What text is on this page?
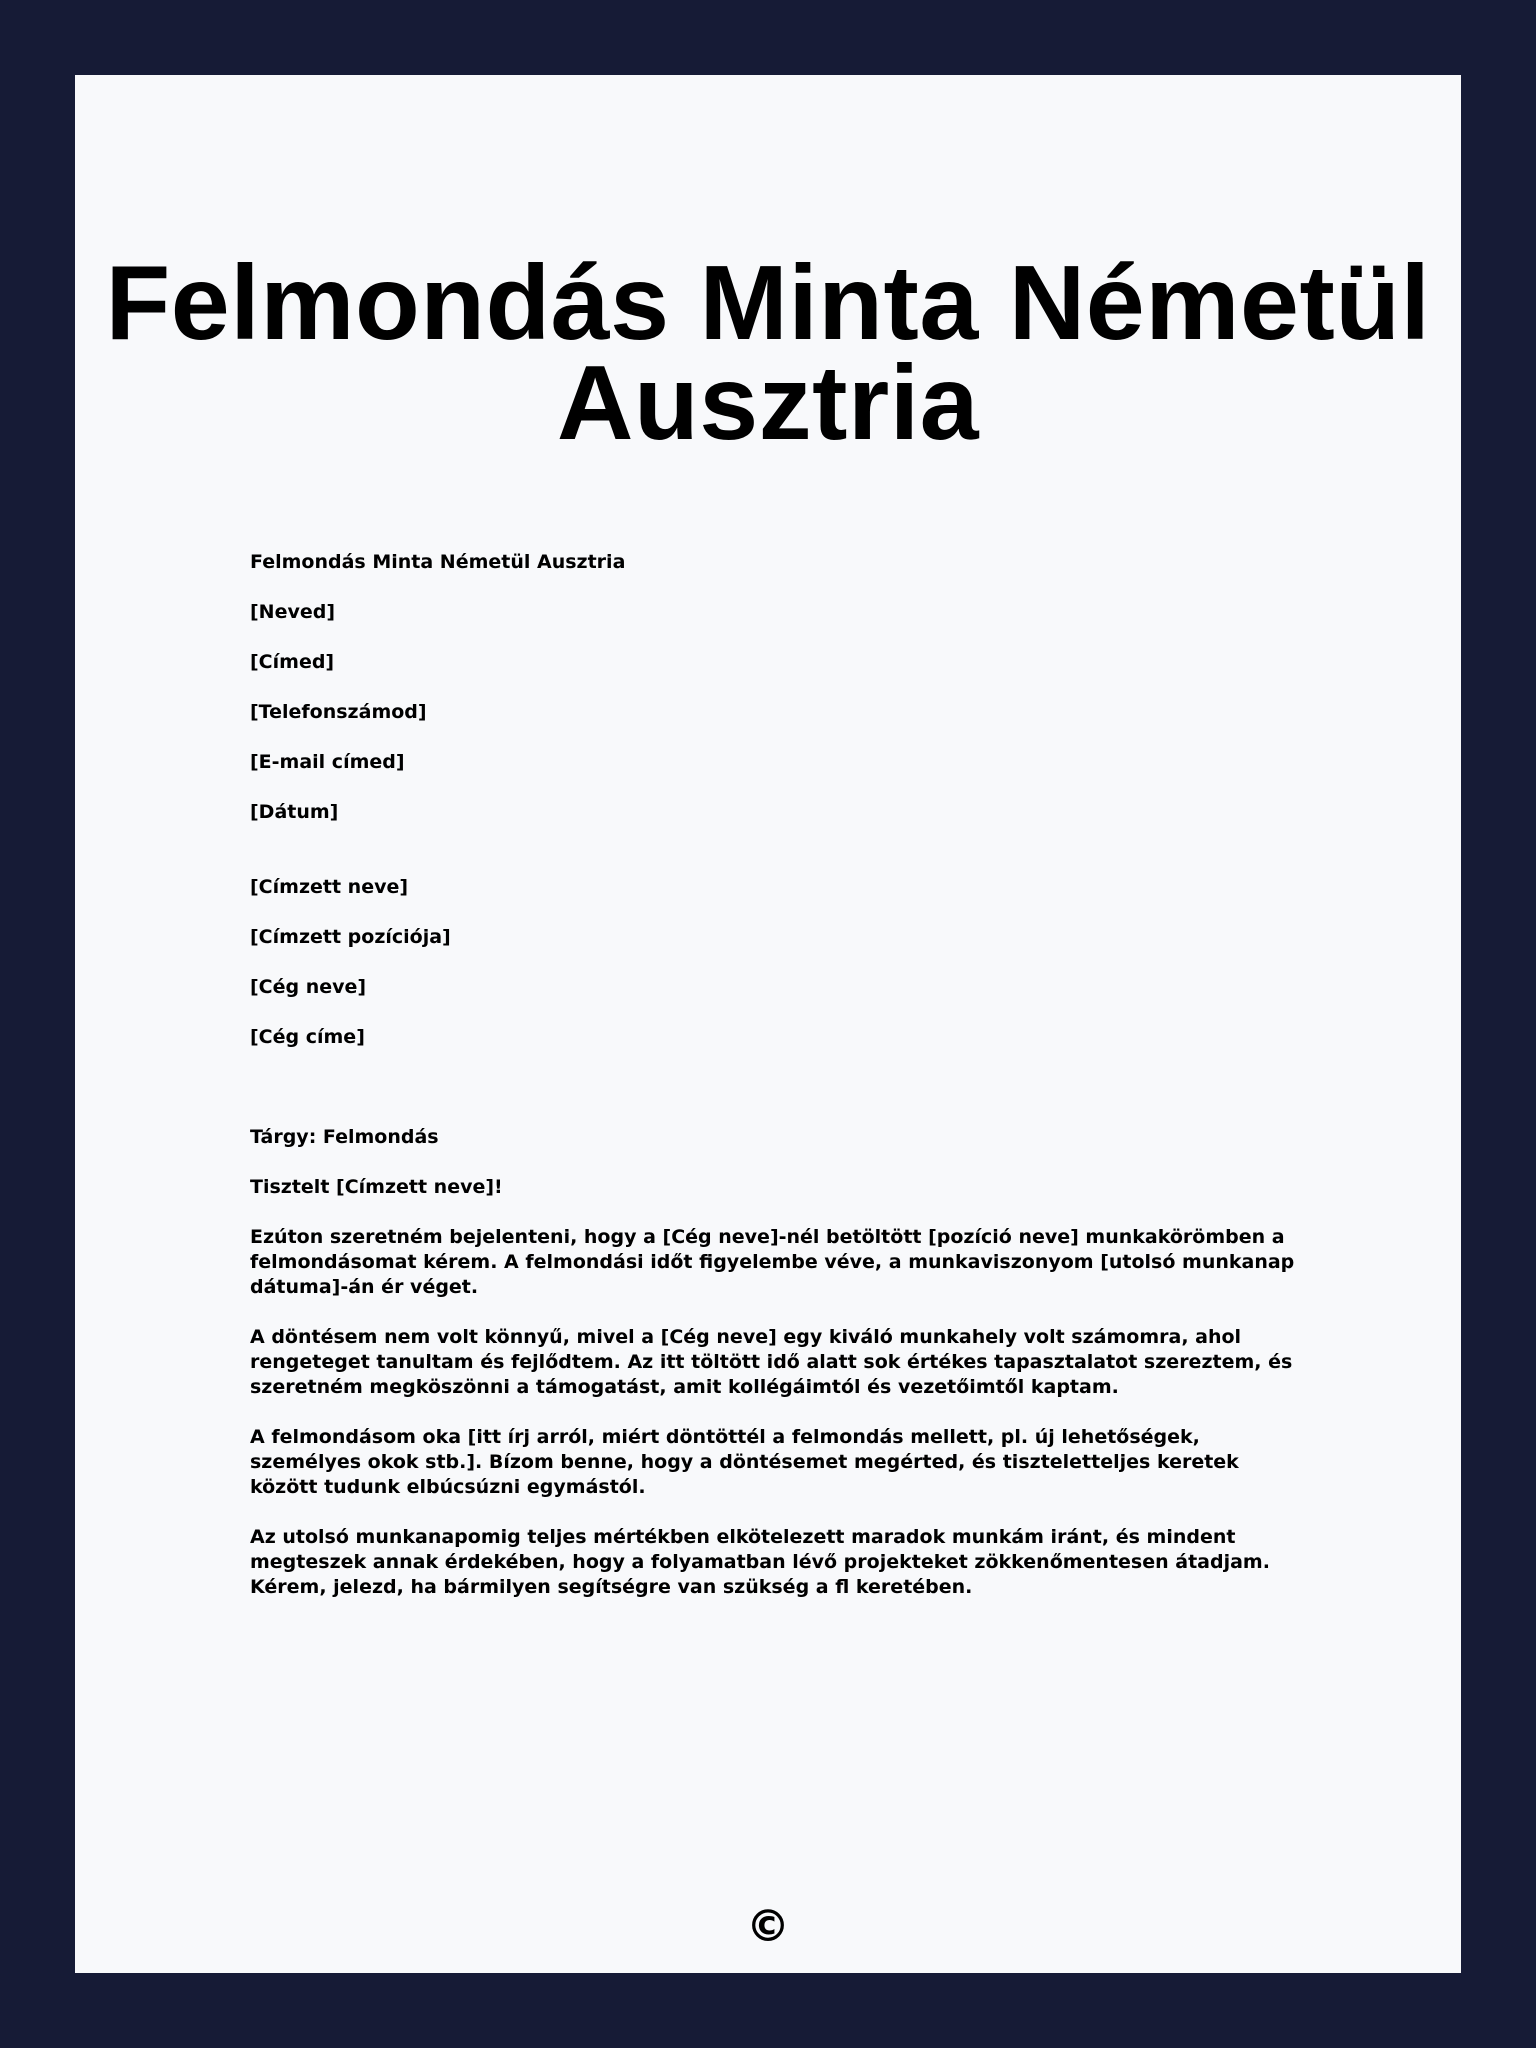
Felmondás Minta Németül Ausztria

Felmondás Minta Németül Ausztria

[Neved]

[Címed]

[Telefonszámod]

[E-mail címed]

[Dátum]

[Címzett neve]

[Címzett pozíciója]

[Cég neve]

[Cég címe]

Tárgy: Felmondás

Tisztelt [Címzett neve]!

Ezúton szeretném bejelenteni, hogy a [Cég neve]-nél betöltött [pozíció neve] munkakörömben a felmondásomat kérem. A felmondási időt figyelembe véve, a munkaviszonyom [utolsó munkanap dátuma]-án ér véget.

A döntésem nem volt könnyű, mivel a [Cég neve] egy kiváló munkahely volt számomra, ahol rengeteget tanultam és fejlődtem. Az itt töltött idő alatt sok értékes tapasztalatot szereztem, és szeretném megköszönni a támogatást, amit kollégáimtól és vezetőimtől kaptam.

A felmondásom oka [itt írj arról, miért döntöttél a felmondás mellett, pl. új lehetőségek, személyes okok stb.]. Bízom benne, hogy a döntésemet megérted, és tiszteletteljes keretek között tudunk elbúcsúzni egymástól.

Az utolsó munkanapomig teljes mértékben elkötelezett maradok munkám iránt, és mindent megteszek annak érdekében, hogy a folyamatban lévő projekteket zökkenőmentesen átadjam. Kérem, jelezd, ha bármilyen segítségre van szükség a fl keretében.

©
